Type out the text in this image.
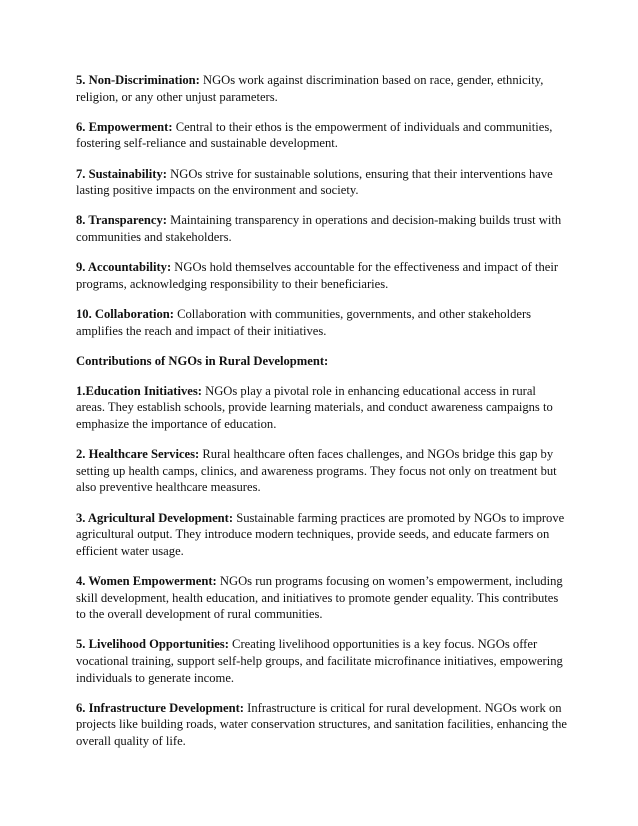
5. Non-Discrimination: NGOs work against discrimination based on race, gender, ethnicity, religion, or any other unjust parameters.

6. Empowerment: Central to their ethos is the empowerment of individuals and communities, fostering self-reliance and sustainable development.

7. Sustainability: NGOs strive for sustainable solutions, ensuring that their interventions have lasting positive impacts on the environment and society.

8. Transparency: Maintaining transparency in operations and decision-making builds trust with communities and stakeholders.

9. Accountability: NGOs hold themselves accountable for the effectiveness and impact of their programs, acknowledging responsibility to their beneficiaries.

10. Collaboration: Collaboration with communities, governments, and other stakeholders amplifies the reach and impact of their initiatives.

Contributions of NGOs in Rural Development:

1.Education Initiatives: NGOs play a pivotal role in enhancing educational access in rural areas. They establish schools, provide learning materials, and conduct awareness campaigns to emphasize the importance of education.

2. Healthcare Services: Rural healthcare often faces challenges, and NGOs bridge this gap by setting up health camps, clinics, and awareness programs. They focus not only on treatment but also preventive healthcare measures.

3. Agricultural Development: Sustainable farming practices are promoted by NGOs to improve agricultural output. They introduce modern techniques, provide seeds, and educate farmers on efficient water usage.

4. Women Empowerment: NGOs run programs focusing on women’s empowerment, including skill development, health education, and initiatives to promote gender equality. This contributes to the overall development of rural communities.

5. Livelihood Opportunities: Creating livelihood opportunities is a key focus. NGOs offer vocational training, support self-help groups, and facilitate microfinance initiatives, empowering individuals to generate income.

6. Infrastructure Development: Infrastructure is critical for rural development. NGOs work on projects like building roads, water conservation structures, and sanitation facilities, enhancing the overall quality of life.
